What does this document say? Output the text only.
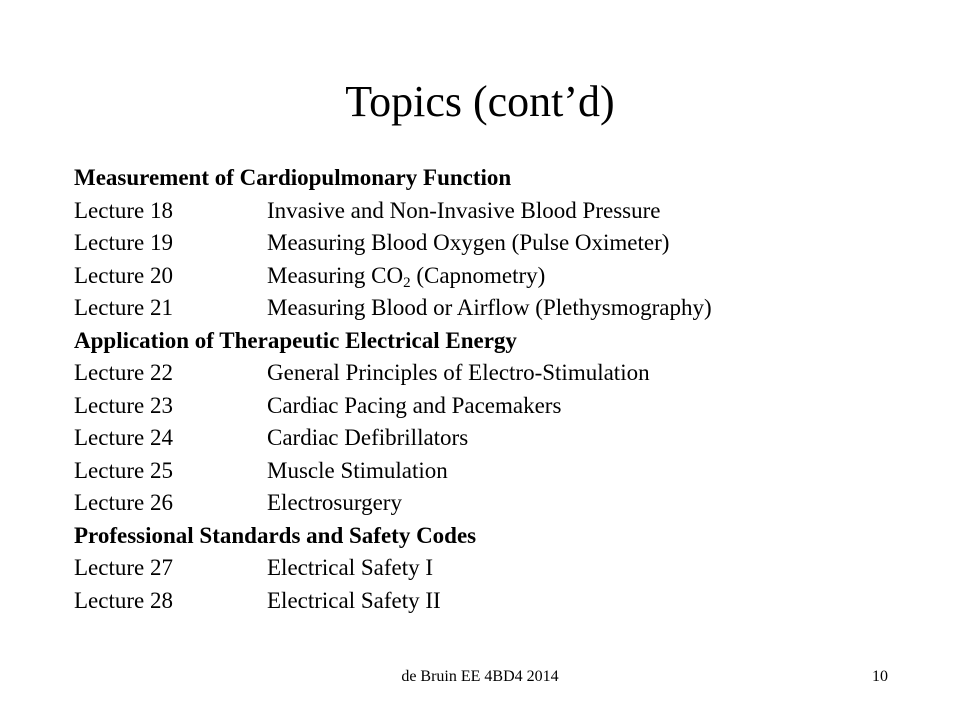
Topics (cont’d)
Measurement of Cardiopulmonary Function
Lecture 18	Invasive and Non-Invasive Blood Pressure
Lecture 19	Measuring Blood Oxygen (Pulse Oximeter)
Lecture 20	Measuring $CO_2$ (Capnometry)
Lecture 21	Measuring Blood or Airflow (Plethysmography)
Application of Therapeutic Electrical Energy
Lecture 22	General Principles of Electro-Stimulation
Lecture 23	Cardiac Pacing and Pacemakers
Lecture 24	Cardiac Defibrillators
Lecture 25	Muscle Stimulation
Lecture 26	Electrosurgery
Professional Standards and Safety Codes
Lecture 27	Electrical Safety I
Lecture 28	Electrical Safety II
de Bruin EE 4BD4 2014	10
